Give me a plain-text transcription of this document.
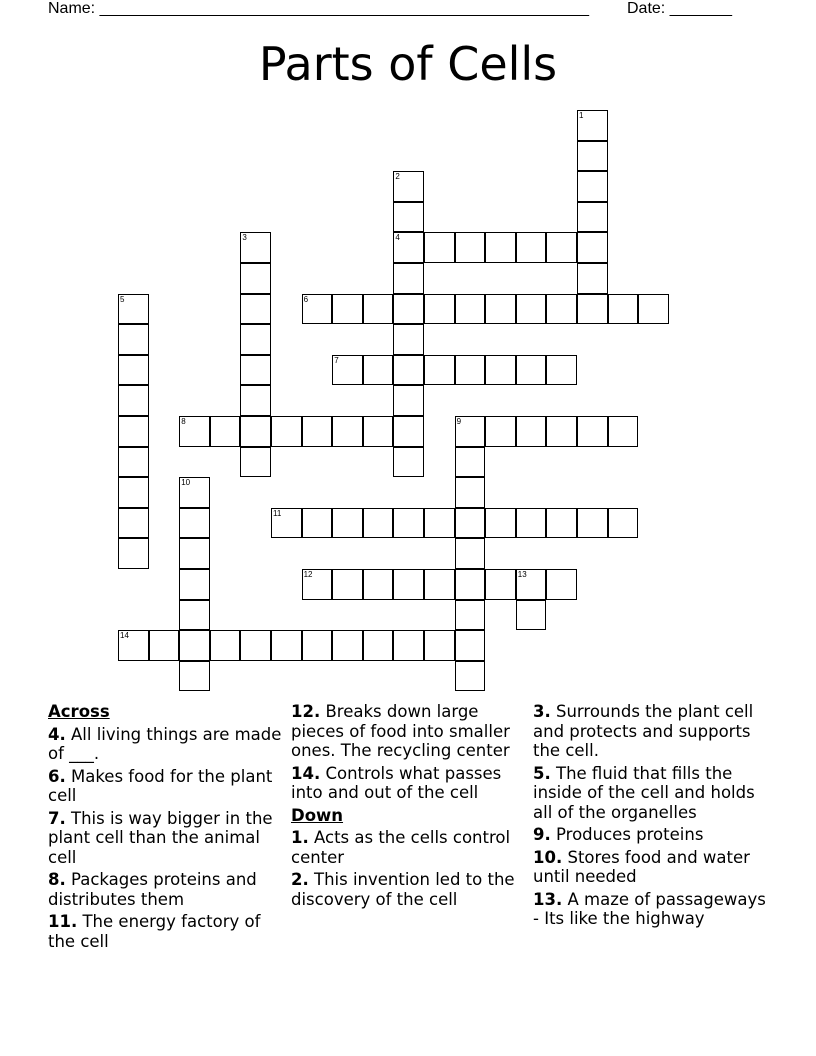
Name: _______________________________________________________ Date: _______
Parts of Cells
1
9
8
10
11
13
12
14
2
3	4
5	6
7
Across
4. All living things are made of ___.
6. Makes food for the plant cell
7. This is way bigger in the plant cell than the animal cell
8. Packages proteins and distributes them
11. The energy factory of the cell
12. Breaks down large pieces of food into smaller ones. The recycling center
14. Controls what passes into and out of the cell
Down
1. Acts as the cells control center
2. This invention led to the discovery of the cell
3. Surrounds the plant cell and protects and supports the cell.
5. The fluid that fills the inside of the cell and holds all of the organelles
9. Produces proteins
10. Stores food and water until needed
13. A maze of passageways - Its like the highway
